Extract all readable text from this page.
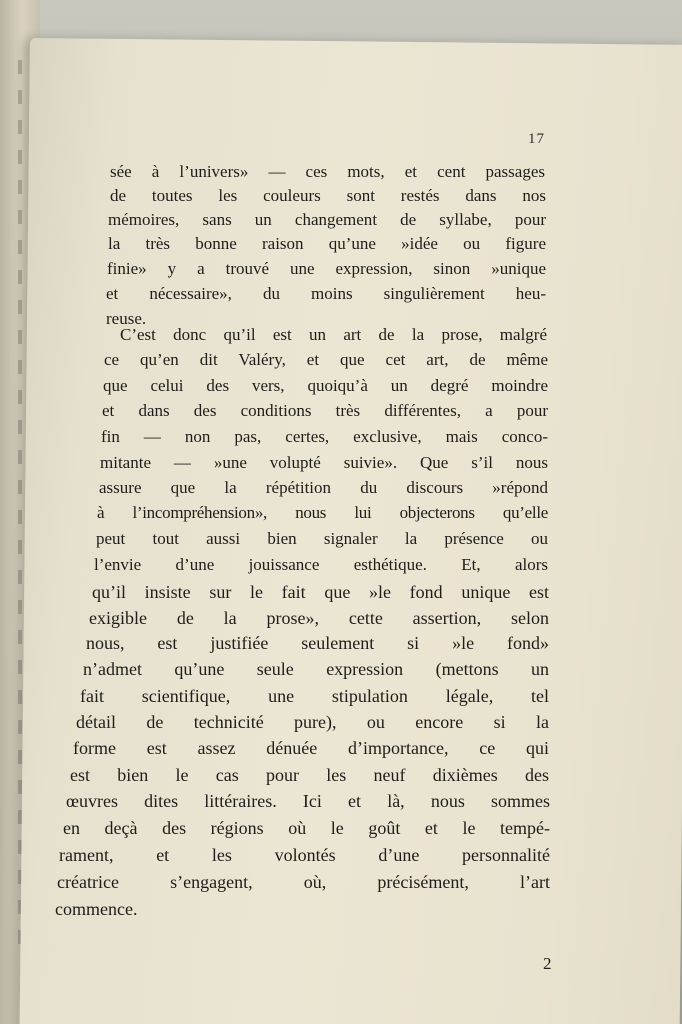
17
sée à l’univers» — ces mots, et cent passages
de toutes les couleurs sont restés dans nos
mémoires, sans un changement de syllabe, pour
la très bonne raison qu’une »idée ou figure
finie» y a trouvé une expression, sinon »unique
et nécessaire», du moins singulièrement heu-
reuse.
C’est donc qu’il est un art de la prose, malgré
ce qu’en dit Valéry, et que cet art, de même
que celui des vers, quoiqu’à un degré moindre
et dans des conditions très différentes, a pour
fin — non pas, certes, exclusive, mais conco-
mitante — »une volupté suivie». Que s’il nous
assure que la répétition du discours »répond
à l’incompréhension», nous lui objecterons qu’elle
peut tout aussi bien signaler la présence ou
l’envie d’une jouissance esthétique. Et, alors
qu’il insiste sur le fait que »le fond unique est
exigible de la prose», cette assertion, selon
nous, est justifiée seulement si »le fond»
n’admet qu’une seule expression (mettons un
fait scientifique, une stipulation légale, tel
détail de technicité pure), ou encore si la
forme est assez dénuée d’importance, ce qui
est bien le cas pour les neuf dixièmes des
œuvres dites littéraires. Ici et là, nous sommes
en deçà des régions où le goût et le tempé-
rament, et les volontés d’une personnalité
créatrice s’engagent, où, précisément, l’art
commence.
2
